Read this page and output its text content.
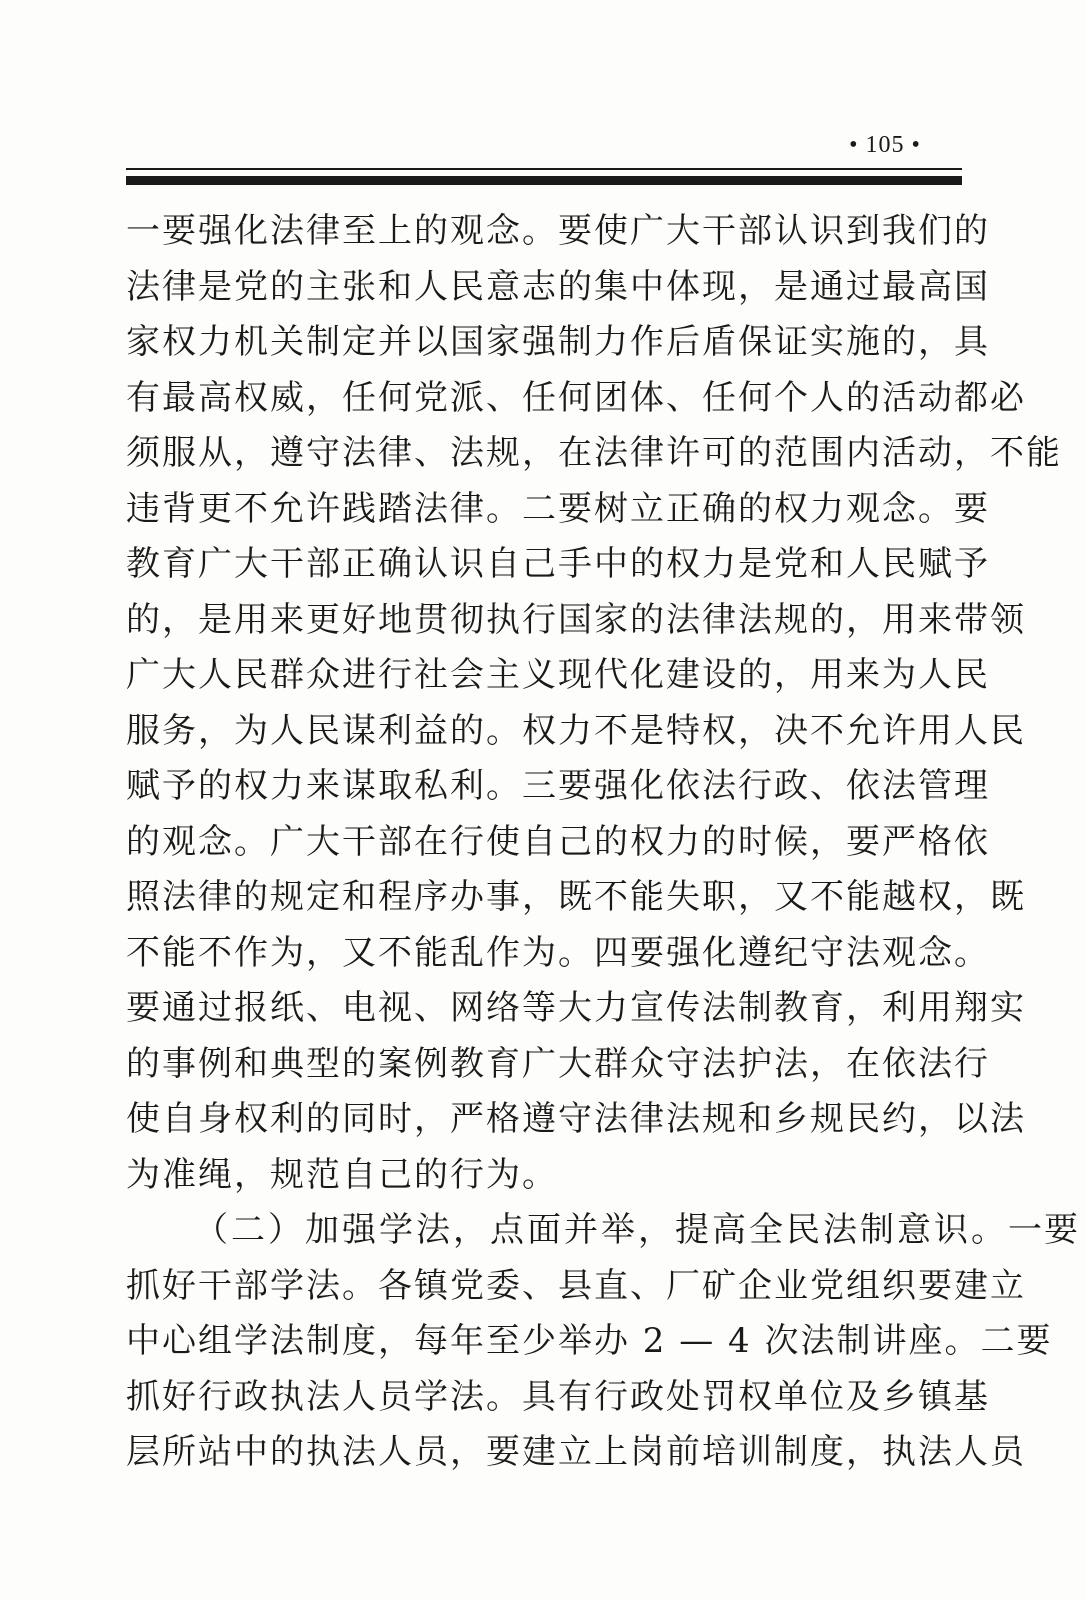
• 105 •
一要强化法律至上的观念。要使广大干部认识到我们的
法律是党的主张和人民意志的集中体现，是通过最高国
家权力机关制定并以国家强制力作后盾保证实施的，具
有最高权威，任何党派、任何团体、任何个人的活动都必
须服从，遵守法律、法规，在法律许可的范围内活动，不能
违背更不允许践踏法律。二要树立正确的权力观念。要
教育广大干部正确认识自己手中的权力是党和人民赋予
的，是用来更好地贯彻执行国家的法律法规的，用来带领
广大人民群众进行社会主义现代化建设的，用来为人民
服务，为人民谋利益的。权力不是特权，决不允许用人民
赋予的权力来谋取私利。三要强化依法行政、依法管理
的观念。广大干部在行使自己的权力的时候，要严格依
照法律的规定和程序办事，既不能失职，又不能越权，既
不能不作为，又不能乱作为。四要强化遵纪守法观念。
要通过报纸、电视、网络等大力宣传法制教育，利用翔实
的事例和典型的案例教育广大群众守法护法，在依法行
使自身权利的同时，严格遵守法律法规和乡规民约，以法
为准绳，规范自己的行为。
（二）加强学法，点面并举，提高全民法制意识。一要
抓好干部学法。各镇党委、县直、厂矿企业党组织要建立
中心组学法制度，每年至少举办 2 — 4 次法制讲座。二要
抓好行政执法人员学法。具有行政处罚权单位及乡镇基
层所站中的执法人员，要建立上岗前培训制度，执法人员
